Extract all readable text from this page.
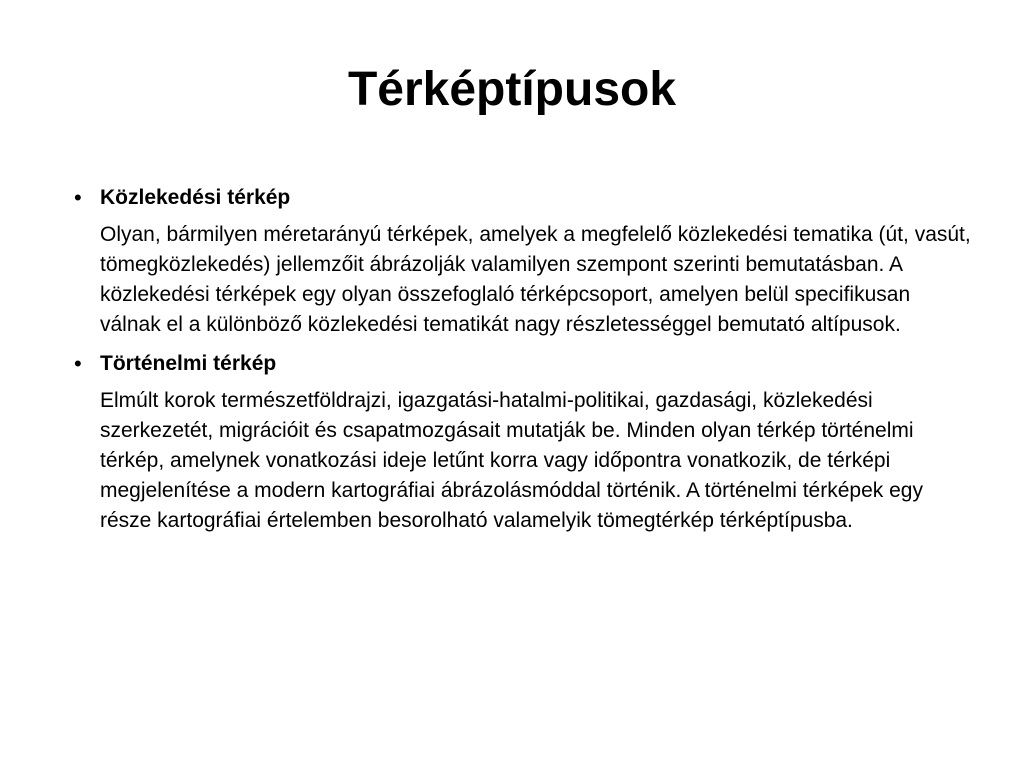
Térképtípusok
• Közlekedési térkép

Olyan, bármilyen méretarányú térképek, amelyek a megfelelő közlekedési tematika (út, vasút, tömegközlekedés) jellemzőit ábrázolják valamilyen szempont szerinti bemutatásban. A közlekedési térképek egy olyan összefoglaló térképcsoport, amelyen belül specifikusan válnak el a különböző közlekedési tematikát nagy részletességgel bemutató altípusok.

• Történelmi térkép

Elmúlt korok természetföldrajzi, igazgatási-hatalmi-politikai, gazdasági, közlekedési szerkezetét, migrációit és csapatmozgásait mutatják be. Minden olyan térkép történelmi térkép, amelynek vonatkozási ideje letűnt korra vagy időpontra vonatkozik, de térképi megjelenítése a modern kartográfiai ábrázolásmóddal történik. A történelmi térképek egy része kartográfiai értelemben besorolható valamelyik tömegtérkép térképtípusba.
